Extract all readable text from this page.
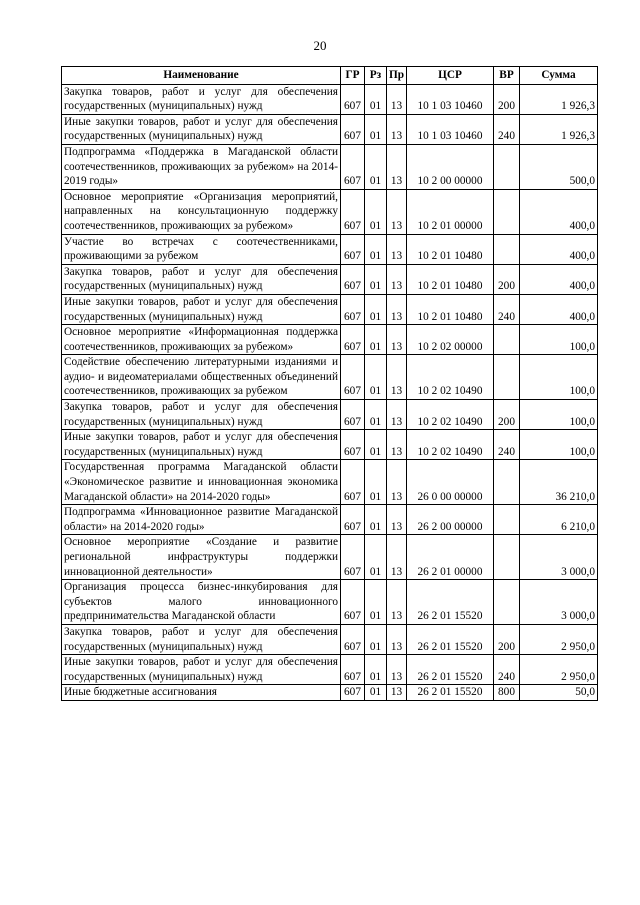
20
Наименование	ГР	Рз	Пр	ЦСР	ВР	Сумма
Закупка товаров, работ и услуг для обеспечения государственных (муниципальных) нужд	607	01	13	10 1 03 10460	200	1 926,3
Иные закупки товаров, работ и услуг для обеспечения государственных (муниципальных) нужд	607	01	13	10 1 03 10460	240	1 926,3
Подпрограмма «Поддержка в Магаданской области соотечественников, проживающих за рубежом» на 2014-2019 годы»	607	01	13	10 2 00 00000		500,0
Основное мероприятие «Организация мероприятий, направленных на консультационную поддержку соотечественников, проживающих за рубежом»	607	01	13	10 2 01 00000		400,0
Участие во встречах с соотечественниками, проживающими за рубежом	607	01	13	10 2 01 10480		400,0
Закупка товаров, работ и услуг для обеспечения государственных (муниципальных) нужд	607	01	13	10 2 01 10480	200	400,0
Иные закупки товаров, работ и услуг для обеспечения государственных (муниципальных) нужд	607	01	13	10 2 01 10480	240	400,0
Основное мероприятие «Информационная поддержка соотечественников, проживающих за рубежом»	607	01	13	10 2 02 00000		100,0
Содействие обеспечению литературными изданиями и аудио- и видеоматериалами общественных объединений соотечественников, проживающих за рубежом	607	01	13	10 2 02 10490		100,0
Закупка товаров, работ и услуг для обеспечения государственных (муниципальных) нужд	607	01	13	10 2 02 10490	200	100,0
Иные закупки товаров, работ и услуг для обеспечения государственных (муниципальных) нужд	607	01	13	10 2 02 10490	240	100,0
Государственная программа Магаданской области «Экономическое развитие и инновационная экономика Магаданской области» на 2014-2020 годы»	607	01	13	26 0 00 00000		36 210,0
Подпрограмма «Инновационное развитие Магаданской области» на 2014-2020 годы»	607	01	13	26 2 00 00000		6 210,0
Основное мероприятие «Создание и развитие региональной инфраструктуры поддержки инновационной деятельности»	607	01	13	26 2 01 00000		3 000,0
Организация процесса бизнес-инкубирования для субъектов малого инновационного предпринимательства Магаданской области	607	01	13	26 2 01 15520		3 000,0
Закупка товаров, работ и услуг для обеспечения государственных (муниципальных) нужд	607	01	13	26 2 01 15520	200	2 950,0
Иные закупки товаров, работ и услуг для обеспечения государственных (муниципальных) нужд	607	01	13	26 2 01 15520	240	2 950,0
Иные бюджетные ассигнования	607	01	13	26 2 01 15520	800	50,0
